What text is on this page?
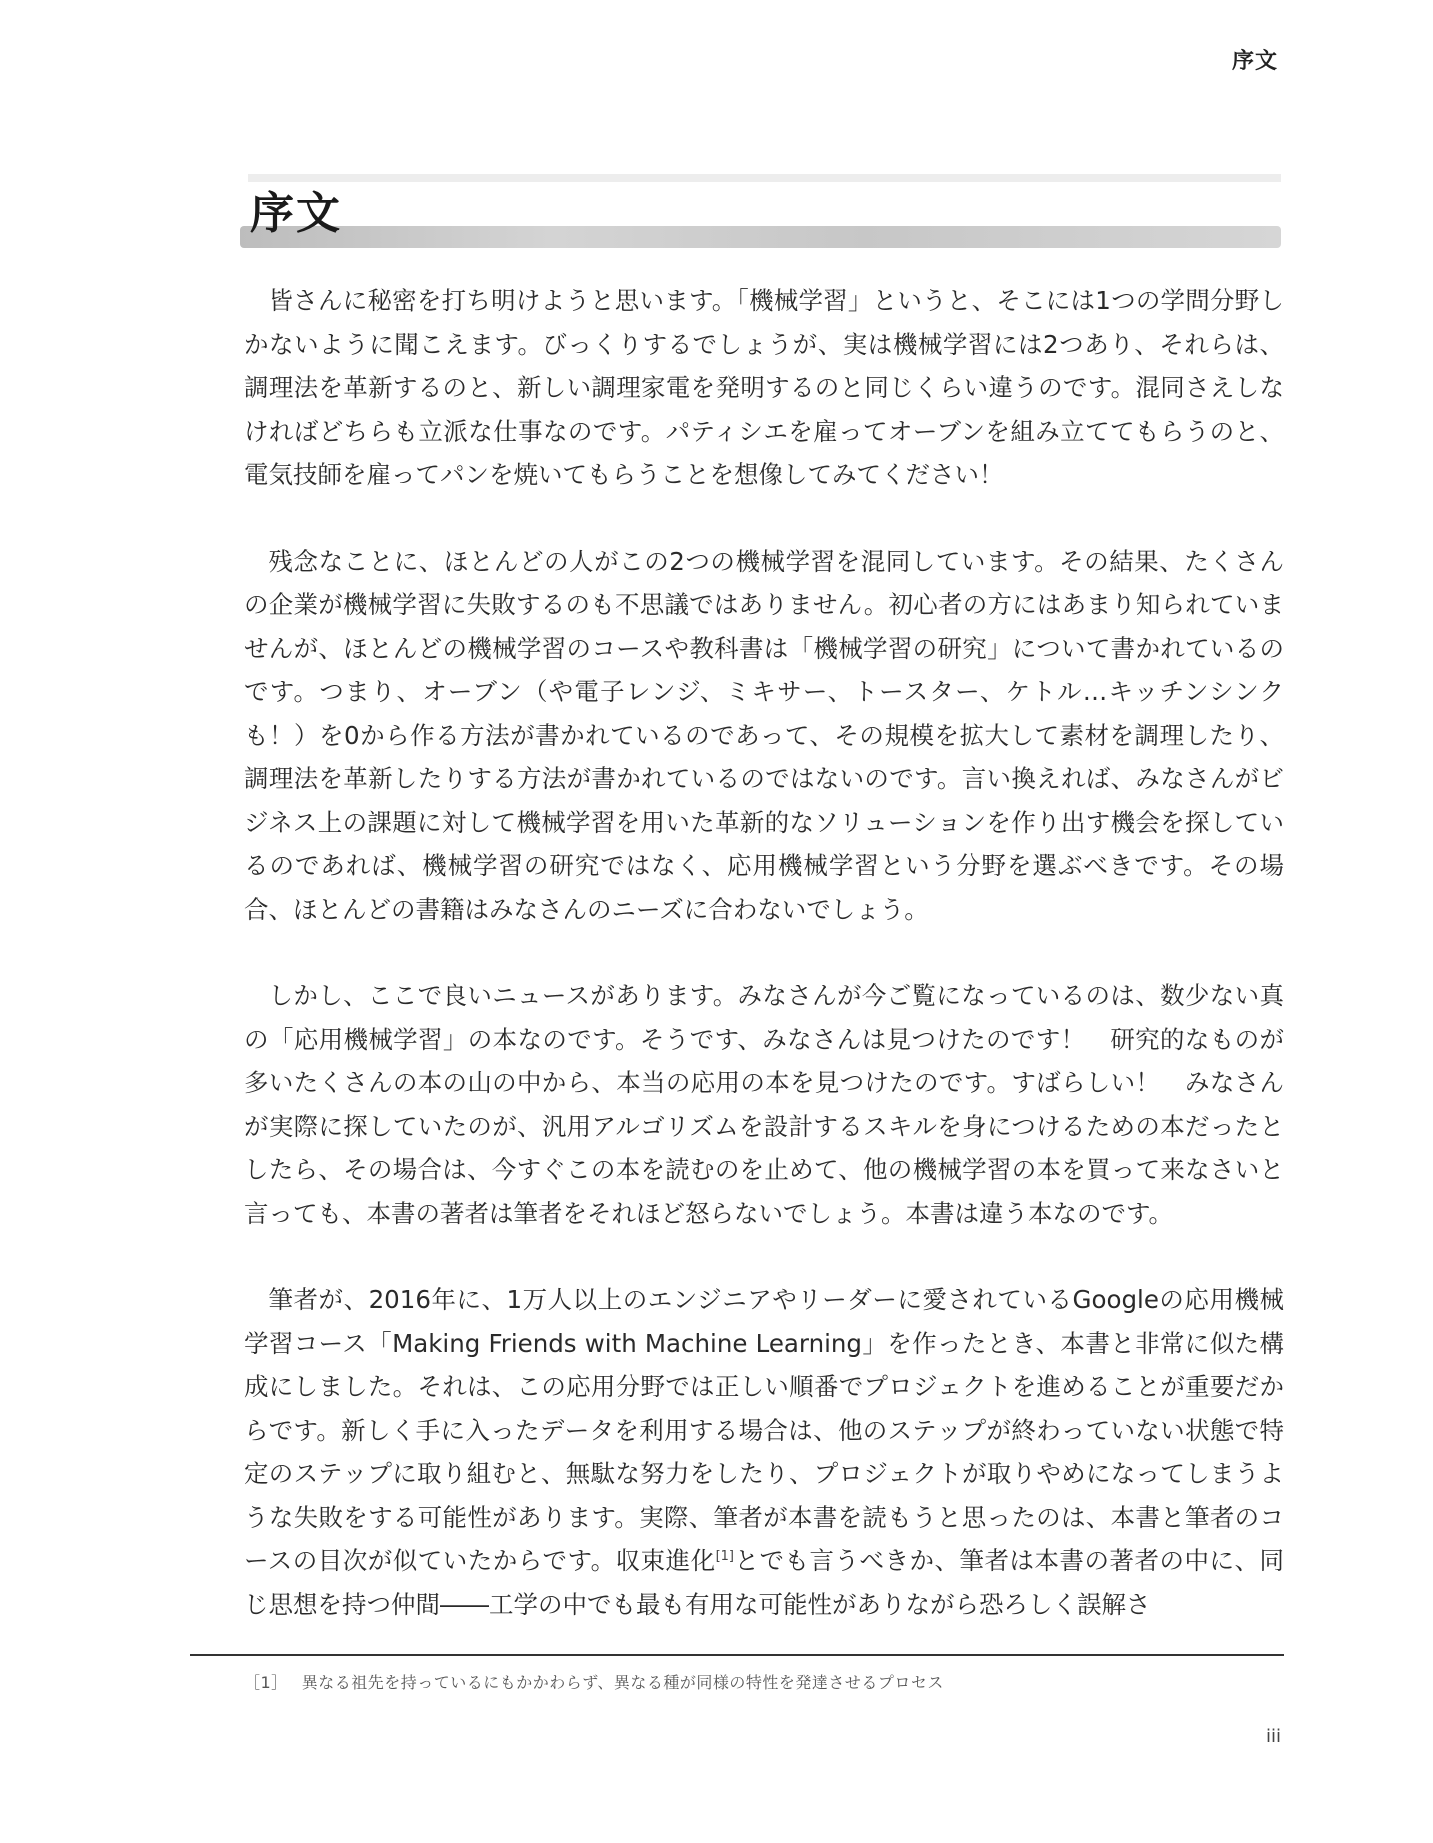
序文
序文

皆さんに秘密を打ち明けようと思います。「機械学習」というと、そこには1つの学問分野しかないように聞こえます。びっくりするでしょうが、実は機械学習には2つあり、それらは、調理法を革新するのと、新しい調理家電を発明するのと同じくらい違うのです。混同さえしなければどちらも立派な仕事なのです。パティシエを雇ってオーブンを組み立ててもらうのと、電気技師を雇ってパンを焼いてもらうことを想像してみてください！

残念なことに、ほとんどの人がこの2つの機械学習を混同しています。その結果、たくさんの企業が機械学習に失敗するのも不思議ではありません。初心者の方にはあまり知られていませんが、ほとんどの機械学習のコースや教科書は「機械学習の研究」について書かれているのです。つまり、オーブン（や電子レンジ、ミキサー、トースター、ケトル…キッチンシンクも！）を0から作る方法が書かれているのであって、その規模を拡大して素材を調理したり、調理法を革新したりする方法が書かれているのではないのです。言い換えれば、みなさんがビジネス上の課題に対して機械学習を用いた革新的なソリューションを作り出す機会を探しているのであれば、機械学習の研究ではなく、応用機械学習という分野を選ぶべきです。その場合、ほとんどの書籍はみなさんのニーズに合わないでしょう。

しかし、ここで良いニュースがあります。みなさんが今ご覧になっているのは、数少ない真の「応用機械学習」の本なのです。そうです、みなさんは見つけたのです！　研究的なものが多いたくさんの本の山の中から、本当の応用の本を見つけたのです。すばらしい！　みなさんが実際に探していたのが、汎用アルゴリズムを設計するスキルを身につけるための本だったとしたら、その場合は、今すぐこの本を読むのを止めて、他の機械学習の本を買って来なさいと言っても、本書の著者は筆者をそれほど怒らないでしょう。本書は違う本なのです。

筆者が、2016年に、1万人以上のエンジニアやリーダーに愛されているGoogleの応用機械学習コース「Making Friends with Machine Learning」を作ったとき、本書と非常に似た構成にしました。それは、この応用分野では正しい順番でプロジェクトを進めることが重要だからです。新しく手に入ったデータを利用する場合は、他のステップが終わっていない状態で特定のステップに取り組むと、無駄な努力をしたり、プロジェクトが取りやめになってしまうような失敗をする可能性があります。実際、筆者が本書を読もうと思ったのは、本書と筆者のコースの目次が似ていたからです。収束進化[1]とでも言うべきか、筆者は本書の著者の中に、同じ思想を持つ仲間――工学の中でも最も有用な可能性がありながら恐ろしく誤解さ

［1］ 異なる祖先を持っているにもかかわらず、異なる種が同様の特性を発達させるプロセス
iii
